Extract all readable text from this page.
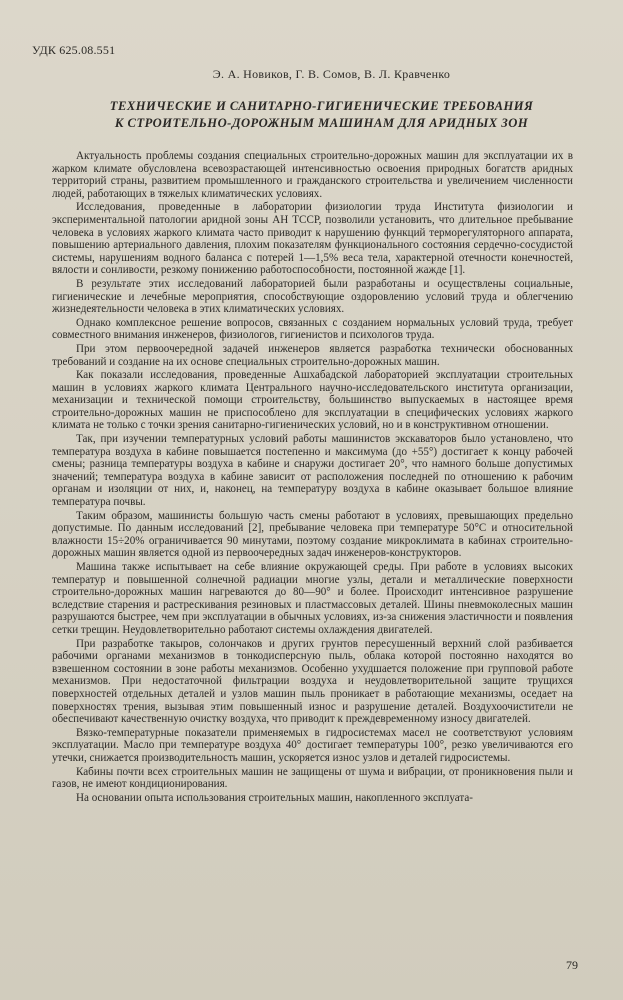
УДК 625.08.551
Э. А. Новиков, Г. В. Сомов, В. Л. Кравченко
ТЕХНИЧЕСКИЕ И САНИТАРНО-ГИГИЕНИЧЕСКИЕ ТРЕБОВАНИЯ
К СТРОИТЕЛЬНО-ДОРОЖНЫМ МАШИНАМ ДЛЯ АРИДНЫХ ЗОН

Актуальность проблемы создания специальных строительно-дорожных машин для эксплуатации их в жарком климате обусловлена всевозрастающей интенсивностью освоения природных богатств аридных территорий страны, развитием промышленного и гражданского строительства и увеличением численности людей, работающих в тяжелых климатических условиях.

Исследования, проведенные в лаборатории физиологии труда Института физиологии и экспериментальной патологии аридной зоны АН ТССР, позволили установить, что длительное пребывание человека в условиях жаркого климата часто приводит к нарушению функций терморегуляторного аппарата, повышению артериального давления, плохим показателям функционального состояния сердечно-сосудистой системы, нарушениям водного баланса с потерей 1—1,5% веса тела, характерной отечности конечностей, вялости и сонливости, резкому понижению работоспособности, постоянной жажде [1].

В результате этих исследований лабораторией были разработаны и осуществлены социальные, гигиенические и лечебные мероприятия, способствующие оздоровлению условий труда и облегчению жизнедеятельности человека в этих климатических условиях.

Однако комплексное решение вопросов, связанных с созданием нормальных условий труда, требует совместного внимания инженеров, физиологов, гигиенистов и психологов труда.

При этом первоочередной задачей инженеров является разработка технически обоснованных требований и создание на их основе специальных строительно-дорожных машин.

Как показали исследования, проведенные Ашхабадской лабораторией эксплуатации строительных машин в условиях жаркого климата Центрального научно-исследовательского института организации, механизации и технической помощи строительству, большинство выпускаемых в настоящее время строительно-дорожных машин не приспособлено для эксплуатации в специфических условиях жаркого климата не только с точки зрения санитарно-гигиенических условий, но и в конструктивном отношении.

Так, при изучении температурных условий работы машинистов экскаваторов было установлено, что температура воздуха в кабине повышается постепенно и максимума (до +55°) достигает к концу рабочей смены; разница температуры воздуха в кабине и снаружи достигает 20°, что намного больше допустимых значений; температура воздуха в кабине зависит от расположения последней по отношению к рабочим органам и изоляции от них, и, наконец, на температуру воздуха в кабине оказывает большое влияние температура почвы.

Таким образом, машинисты большую часть смены работают в условиях, превышающих предельно допустимые. По данным исследований [2], пребывание человека при температуре 50°С и относительной влажности 15÷20% ограничивается 90 минутами, поэтому создание микроклимата в кабинах строительно-дорожных машин является одной из первоочередных задач инженеров-конструкторов.

Машина также испытывает на себе влияние окружающей среды. При работе в условиях высоких температур и повышенной солнечной радиации многие узлы, детали и металлические поверхности строительно-дорожных машин нагреваются до 80—90° и более. Происходит интенсивное разрушение вследствие старения и растрескивания резиновых и пластмассовых деталей. Шины пневмоколесных машин разрушаются быстрее, чем при эксплуатации в обычных условиях, из-за снижения эластичности и появления сетки трещин. Неудовлетворительно работают системы охлаждения двигателей.

При разработке такыров, солончаков и других грунтов пересушенный верхний слой разбивается рабочими органами механизмов в тонкодисперсную пыль, облака которой постоянно находятся во взвешенном состоянии в зоне работы механизмов. Особенно ухудшается положение при групповой работе механизмов. При недостаточной фильтрации воздуха и неудовлетворительной защите трущихся поверхностей отдельных деталей и узлов машин пыль проникает в работающие механизмы, оседает на поверхностях трения, вызывая этим повышенный износ и разрушение деталей. Воздухоочистители не обеспечивают качественную очистку воздуха, что приводит к преждевременному износу двигателей.

Вязко-температурные показатели применяемых в гидросистемах масел не соответствуют условиям эксплуатации. Масло при температуре воздуха 40° достигает температуры 100°, резко увеличиваются его утечки, снижается производительность машин, ускоряется износ узлов и деталей гидросистемы.

Кабины почти всех строительных машин не защищены от шума и вибрации, от проникновения пыли и газов, не имеют кондиционирования.

На основании опыта использования строительных машин, накопленного эксплуата-

79
